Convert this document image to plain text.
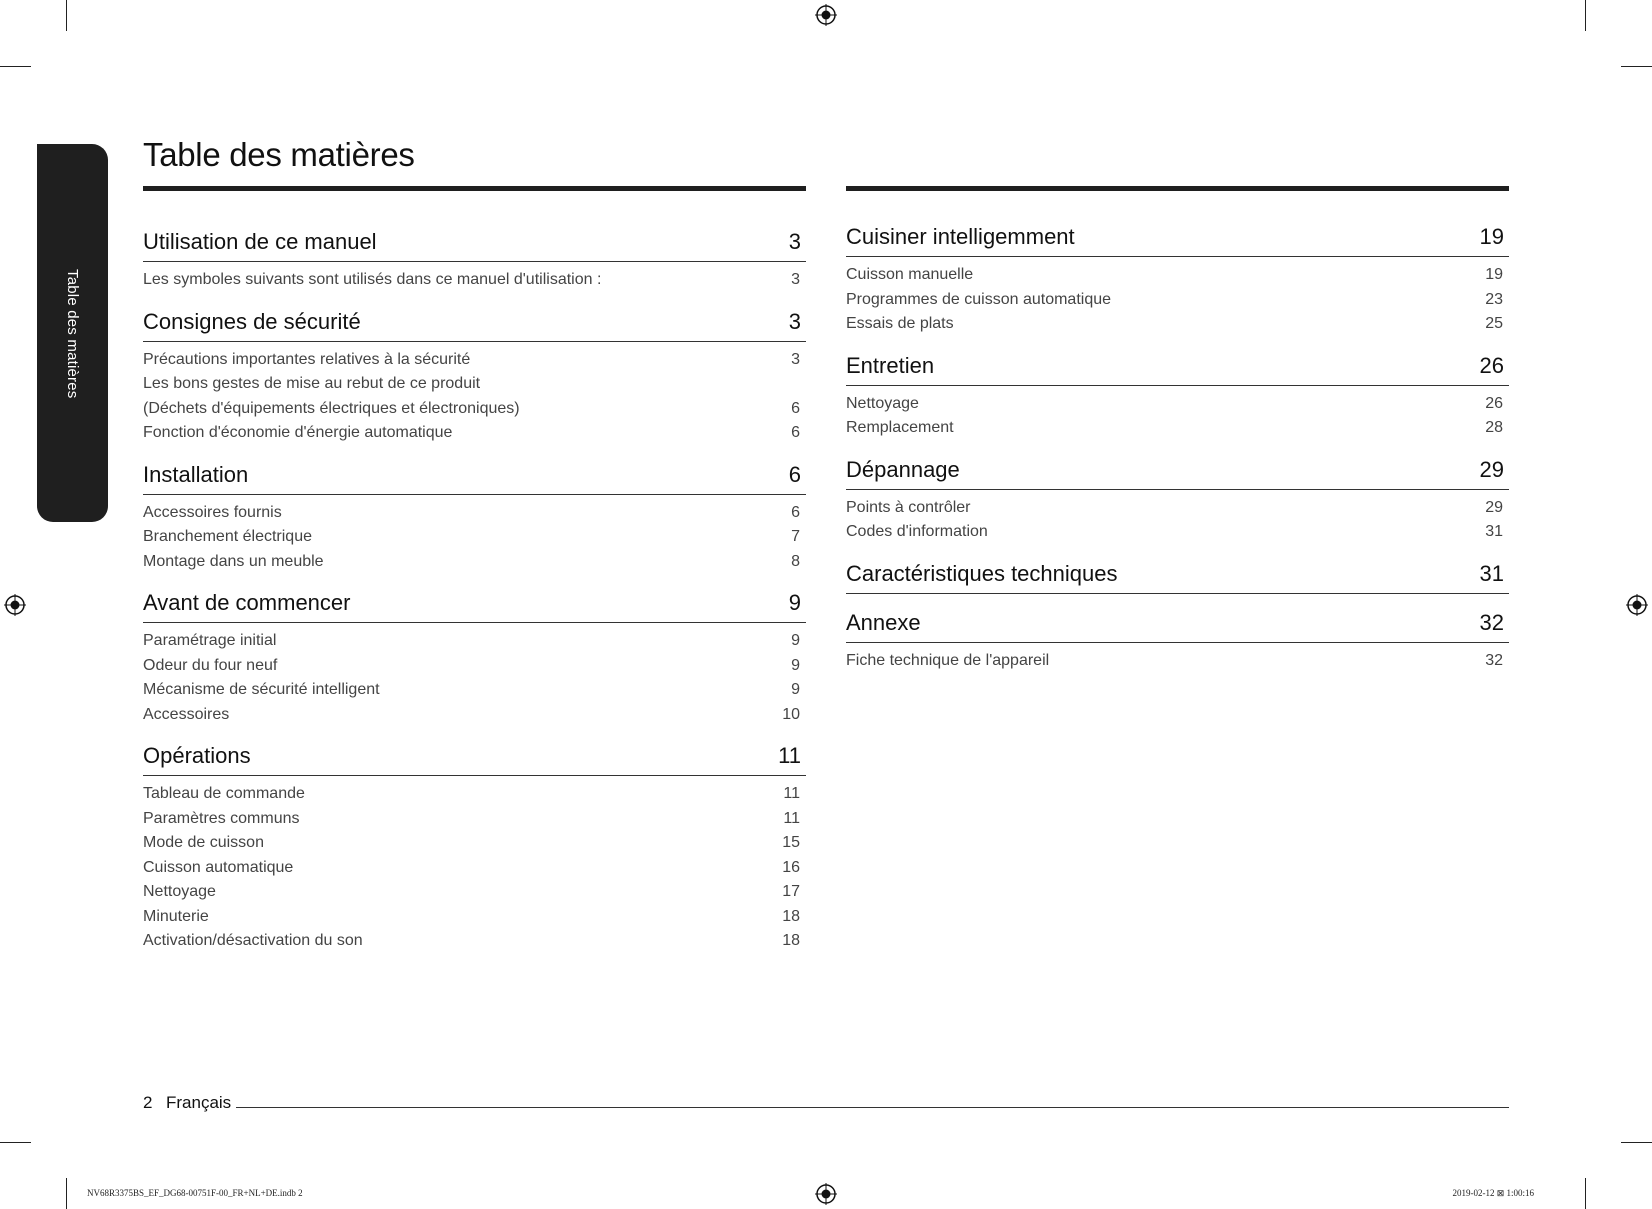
Table des matières
Table des matières
Utilisation de ce manuel	3
Les symboles suivants sont utilisés dans ce manuel d'utilisation :	3
Consignes de sécurité	3
Précautions importantes relatives à la sécurité	3
Les bons gestes de mise au rebut de ce produit
(Déchets d'équipements électriques et électroniques)	6
Fonction d'économie d'énergie automatique	6
Installation	6
Accessoires fournis	6
Branchement électrique	7
Montage dans un meuble	8
Avant de commencer	9
Paramétrage initial	9
Odeur du four neuf	9
Mécanisme de sécurité intelligent	9
Accessoires	10
Opérations	11
Tableau de commande	11
Paramètres communs	11
Mode de cuisson	15
Cuisson automatique	16
Nettoyage	17
Minuterie	18
Activation/désactivation du son	18
Cuisiner intelligemment	19
Cuisson manuelle	19
Programmes de cuisson automatique	23
Essais de plats	25
Entretien	26
Nettoyage	26
Remplacement	28
Dépannage	29
Points à contrôler	29
Codes d'information	31
Caractéristiques techniques	31
Annexe	32
Fiche technique de l'appareil	32
2 Français
NV68R3375BS_EF_DG68-00751F-00_FR+NL+DE.indb 2	2019-02-12 ⊠ 1:00:16
